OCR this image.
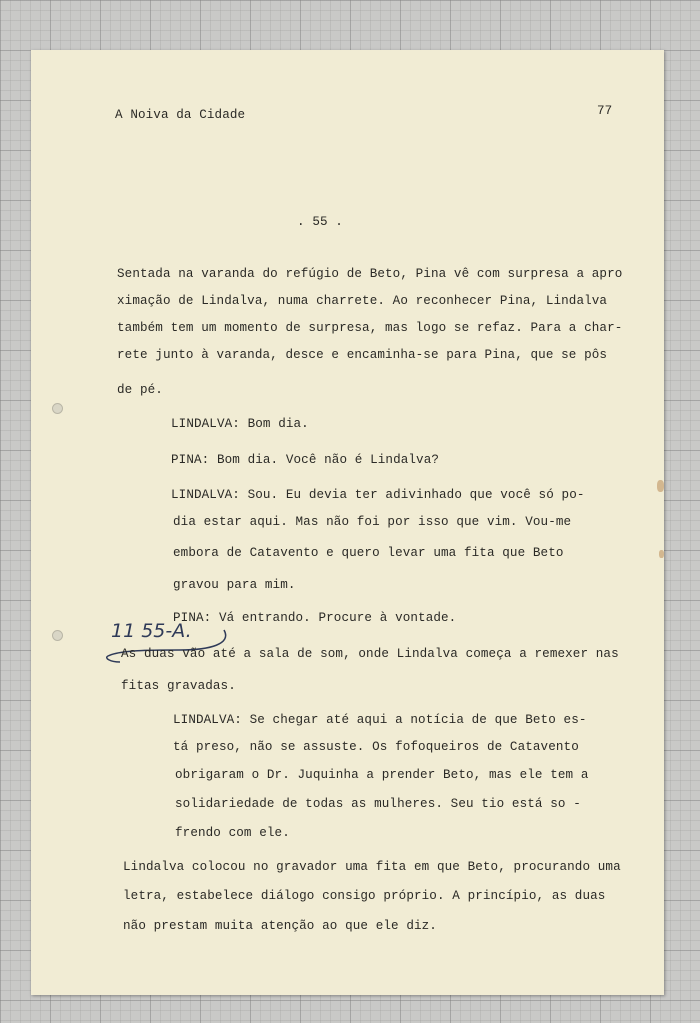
A Noiva da Cidade	77
. 55 .
Sentada na varanda do refúgio de Beto, Pina vê com surpresa a apro
ximação de Lindalva, numa charrete. Ao reconhecer Pina, Lindalva
também tem um momento de surpresa, mas logo se refaz. Para a char-
rete junto à varanda, desce e encaminha-se para Pina, que se pôs
de pé.
LINDALVA: Bom dia.
PINA: Bom dia. Você não é Lindalva?
LINDALVA: Sou. Eu devia ter adivinhado que você só po-
dia estar aqui. Mas não foi por isso que vim. Vou-me
embora de Catavento e quero levar uma fita que Beto
gravou para mim.
PINA: Vá entrando. Procure à vontade.
11 55-A.
As duas vão até a sala de som, onde Lindalva começa a remexer nas
fitas gravadas.
LINDALVA: Se chegar até aqui a notícia de que Beto es-
tá preso, não se assuste. Os fofoqueiros de Catavento
obrigaram o Dr. Juquinha a prender Beto, mas ele tem a
solidariedade de todas as mulheres. Seu tio está so -
frendo com ele.
Lindalva colocou no gravador uma fita em que Beto, procurando uma
letra, estabelece diálogo consigo próprio. A princípio, as duas
não prestam muita atenção ao que ele diz.
